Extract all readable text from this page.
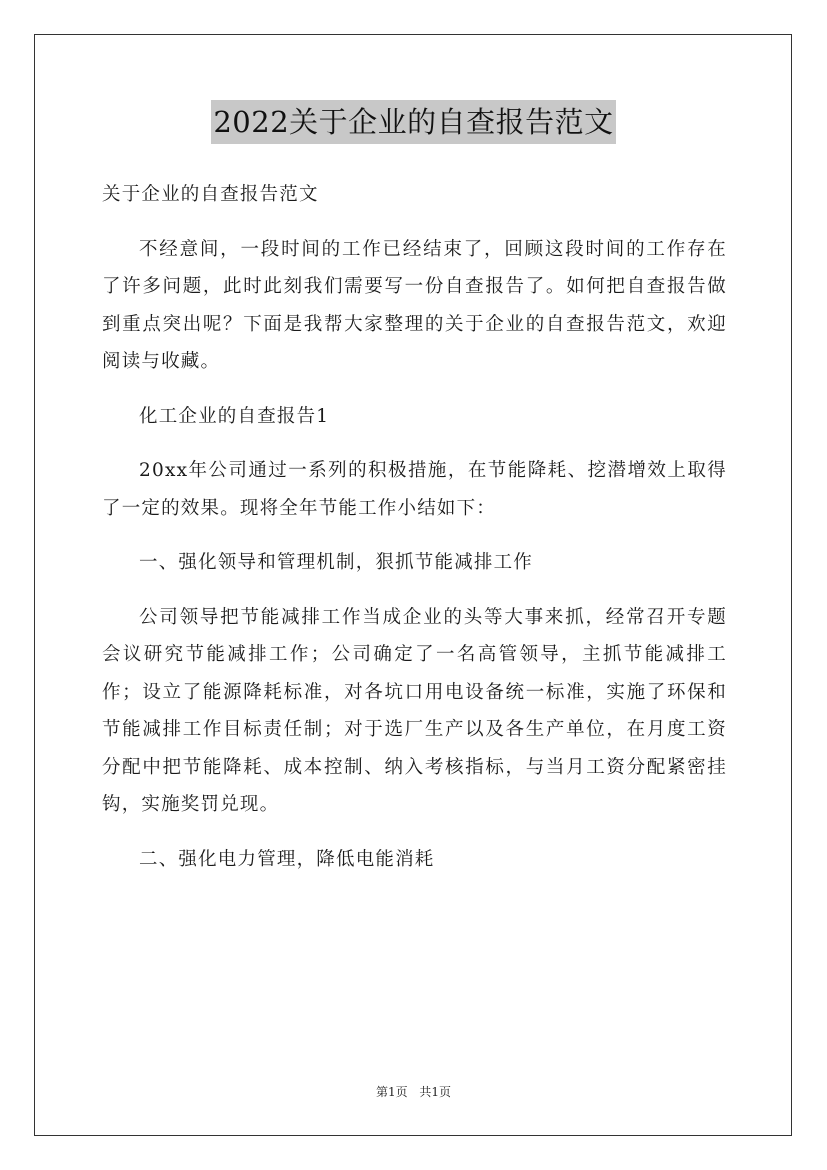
2022关于企业的自查报告范文

关于企业的自查报告范文

不经意间，一段时间的工作已经结束了，回顾这段时间的工作存在了许多问题，此时此刻我们需要写一份自查报告了。如何把自查报告做到重点突出呢？下面是我帮大家整理的关于企业的自查报告范文，欢迎阅读与收藏。

化工企业的自查报告1

20xx年公司通过一系列的积极措施，在节能降耗、挖潜增效上取得了一定的效果。现将全年节能工作小结如下：

一、强化领导和管理机制，狠抓节能减排工作

公司领导把节能减排工作当成企业的头等大事来抓，经常召开专题会议研究节能减排工作；公司确定了一名高管领导，主抓节能减排工作；设立了能源降耗标准，对各坑口用电设备统一标准，实施了环保和节能减排工作目标责任制；对于选厂生产以及各生产单位，在月度工资分配中把节能降耗、成本控制、纳入考核指标，与当月工资分配紧密挂钩，实施奖罚兑现。

二、强化电力管理，降低电能消耗

第1页 共1页
